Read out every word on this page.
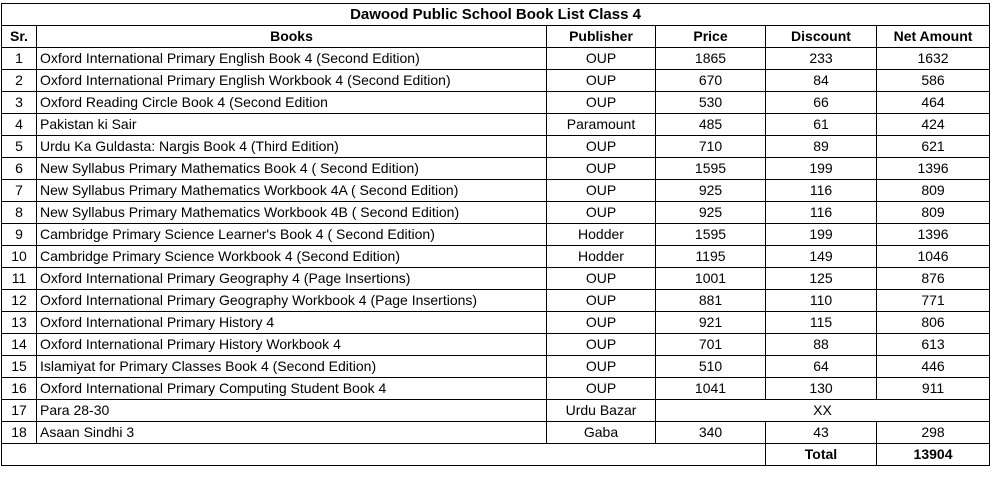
Dawood Public School Book List Class 4					
Sr.	Books	Publisher	Price	Discount	Net Amount
1	Oxford International Primary English Book 4 (Second Edition)	OUP	1865	233	1632
2	Oxford International Primary English Workbook 4 (Second Edition)	OUP	670	84	586
3	Oxford Reading Circle Book 4 (Second Edition	OUP	530	66	464
4	Pakistan ki Sair	Paramount	485	61	424
5	Urdu Ka Guldasta: Nargis Book 4 (Third Edition)	OUP	710	89	621
6	New Syllabus Primary Mathematics Book 4 ( Second Edition)	OUP	1595	199	1396
7	New Syllabus Primary Mathematics Workbook 4A ( Second Edition)	OUP	925	116	809
8	New Syllabus Primary Mathematics Workbook 4B ( Second Edition)	OUP	925	116	809
9	Cambridge Primary Science Learner's Book 4 ( Second Edition)	Hodder	1595	199	1396
10	Cambridge Primary Science Workbook 4 (Second Edition)	Hodder	1195	149	1046
11	Oxford International Primary Geography 4 (Page Insertions)	OUP	1001	125	876
12	Oxford International Primary Geography Workbook 4 (Page Insertions)	OUP	881	110	771
13	Oxford International Primary History 4	OUP	921	115	806
14	Oxford International Primary History Workbook 4	OUP	701	88	613
15	Islamiyat for Primary Classes Book 4 (Second Edition)	OUP	510	64	446
16	Oxford International Primary Computing Student Book 4	OUP	1041	130	911
17	Para 28-30	Urdu Bazar	XX		
18	Asaan Sindhi 3	Gaba	340	43	298
				Total	13904
